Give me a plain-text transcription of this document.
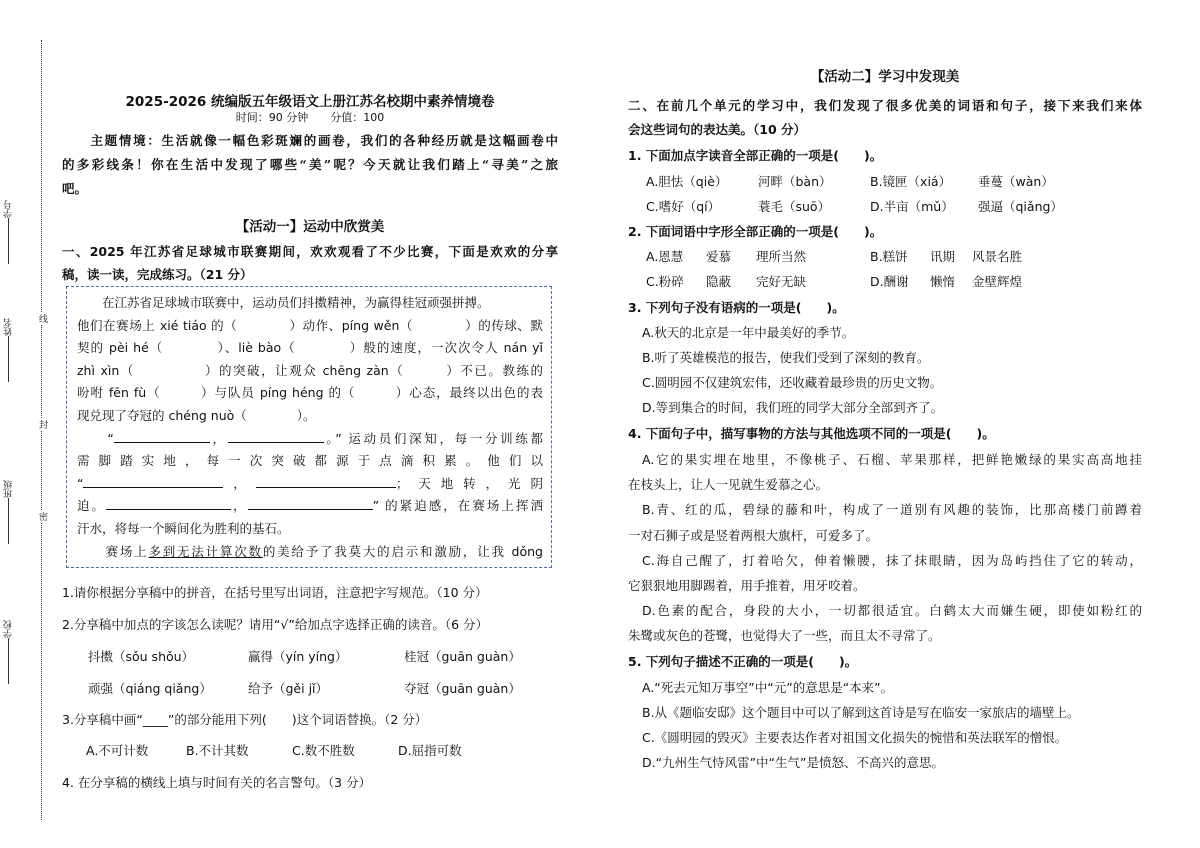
学号
姓名
班级
学校
线
封
密
2025-2026 统编版五年级语文上册江苏名校期中素养情境卷
时间：90 分钟　　分值：100
　　主题情境：生活就像一幅色彩斑斓的画卷，我们的各种经历就是这幅画卷中
的多彩线条！你在生活中发现了哪些“美”呢？今天就让我们踏上“寻美”之旅
吧。
【活动一】运动中欣赏美
一、2025 年江苏省足球城市联赛期间，欢欢观看了不少比赛，下面是欢欢的分享
稿，读一读，完成练习。（21 分）
　　在江苏省足球城市联赛中，运动员们抖擞精神，为赢得桂冠顽强拼搏。
他们在赛场上 xié tiáo 的（　　　　）动作、píng wěn（　　　　）的传球、默
契的 pèi hé（　　　　）、liè bào（　　　　）般的速度，一次次令人 nán yǐ
zhì xìn（　　　　　）的突破，让观众 chēng zàn（　　　）不已。教练的
吩咐 fēn fù（　　　）与队员 píng héng 的（　　　）心态，最终以出色的表
现兑现了夺冠的 chéng nuò（　　　　）。
　　“	，	。” 运动员们深知，每一分训练都
需脚踏实地，每一次突破都源于点滴积累。他们以
“	，	；天地转，光阴
迫。	，	” 的紧迫感，在赛场上挥洒
汗水，将每一个瞬间化为胜利的基石。
　　赛场上多到无法计算次数的美给予了我莫大的启示和激励，让我 dǒng
1.请你根据分享稿中的拼音，在括号里写出词语，注意把字写规范。（10 分）
2.分享稿中加点的字该怎么读呢？请用“√”给加点字选择正确的读音。（6 分）
抖擞（sǒu shǒu）	赢得（yín yíng）	桂冠（guān guàn）
顽强（qiáng qiǎng）	给予（gěi jǐ）	夺冠（guān guàn）
3.分享稿中画“____”的部分能用下列(　　)这个词语替换。（2 分）
A.不可计数	B.不计其数	C.数不胜数	D.屈指可数
4. 在分享稿的横线上填与时间有关的名言警句。（3 分）
【活动二】学习中发现美
二、在前几个单元的学习中，我们发现了很多优美的词语和句子，接下来我们来体
会这些词句的表达美。（10 分）
1. 下面加点字读音全部正确的一项是(　　)。
A.胆怯（qiè） 河畔（bàn）	B.镜匣（xiá） 垂蔓（wàn）
C.嗜好（qí）	蓑毛（suō）	D.半亩（mǔ） 强逼（qiǎng）
2. 下面词语中字形全部正确的一项是(　　)。
A.恩慧 爱慕 理所当然	B.糕饼 讯期 风景名胜
C.粉碎 隐蔽 完好无缺	D.酬谢 懒惰 金壁辉煌
3. 下列句子没有语病的一项是(　　)。
A.秋天的北京是一年中最美好的季节。
B.听了英雄模范的报告，使我们受到了深刻的教育。
C.圆明园不仅建筑宏伟，还收藏着最珍贵的历史文物。
D.等到集合的时间，我们班的同学大部分全部到齐了。
4. 下面句子中，描写事物的方法与其他选项不同的一项是(　　)。
A.它的果实埋在地里，不像桃子、石榴、苹果那样，把鲜艳嫩绿的果实高高地挂
在枝头上，让人一见就生爱慕之心。
B.青、红的瓜，碧绿的藤和叶，构成了一道别有风趣的装饰，比那高楼门前蹲着
一对石狮子或是竖着两根大旗杆，可爱多了。
C.海自己醒了，打着哈欠，伸着懒腰，抹了抹眼睛，因为岛屿挡住了它的转动，
它狠狠地用脚踢着，用手推着，用牙咬着。
D.色素的配合，身段的大小，一切都很适宜。白鹤太大而嫌生硬，即使如粉红的
朱鹭或灰色的苍鹭，也觉得大了一些，而且太不寻常了。
5. 下列句子描述不正确的一项是(　　)。
A.“死去元知万事空”中“元”的意思是“本来”。
B.从《题临安邸》这个题目中可以了解到这首诗是写在临安一家旅店的墙壁上。
C.《圆明园的毁灭》主要表达作者对祖国文化损失的惋惜和英法联军的憎恨。
D.“九州生气恃风雷”中“生气”是愤怒、不高兴的意思。
